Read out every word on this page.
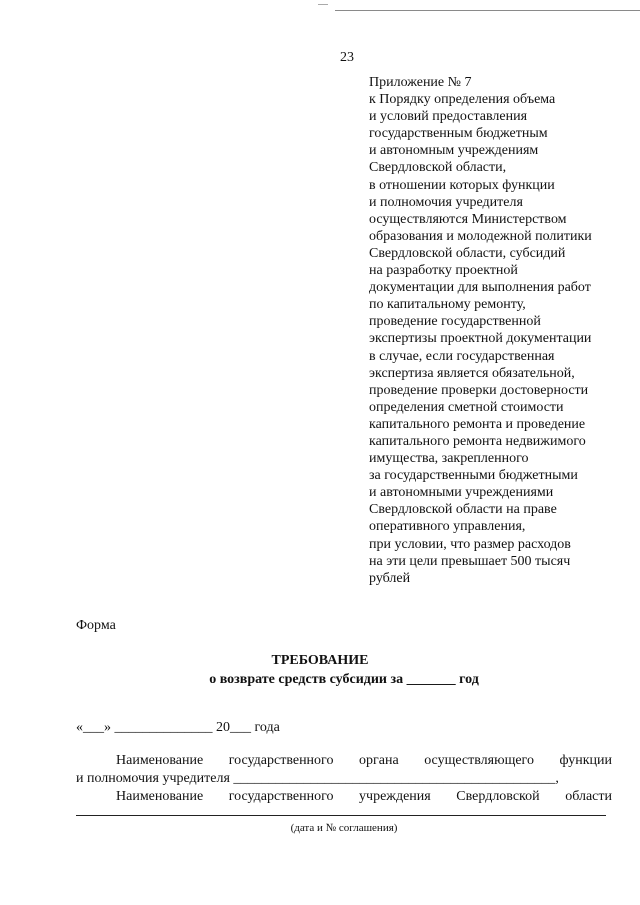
23
Приложение № 7
к Порядку определения объема
и условий предоставления
государственным бюджетным
и автономным учреждениям
Свердловской области,
в отношении которых функции
и полномочия учредителя
осуществляются Министерством
образования и молодежной политики
Свердловской области, субсидий
на разработку проектной
документации для выполнения работ
по капитальному ремонту,
проведение государственной
экспертизы проектной документации
в случае, если государственная
экспертиза является обязательной,
проведение проверки достоверности
определения сметной стоимости
капитального ремонта и проведение
капитального ремонта недвижимого
имущества, закрепленного
за государственными бюджетными
и автономными учреждениями
Свердловской области на праве
оперативного управления,
при условии, что размер расходов
на эти цели превышает 500 тысяч
рублей
Форма
ТРЕБОВАНИЕ
о возврате средств субсидии за _______ год
«___» ______________ 20___ года
Наименование государственного органа осуществляющего функции
и полномочия учредителя ______________________________________________,
Наименование государственного учреждения Свердловской области
(дата и № соглашения)
